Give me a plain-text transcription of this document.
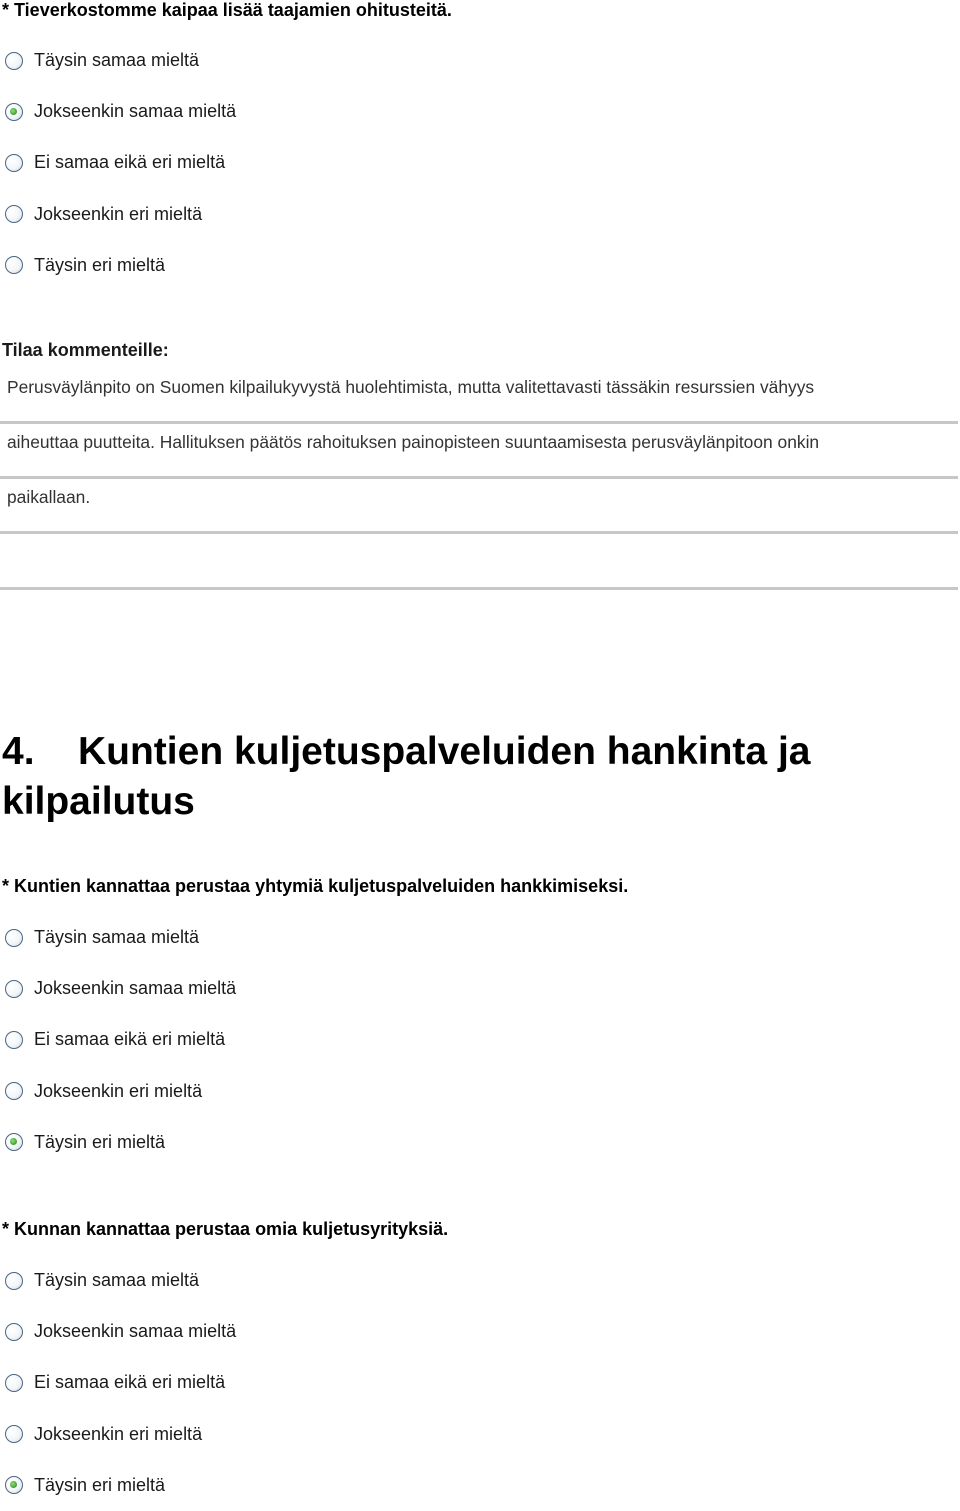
* Tieverkostomme kaipaa lisää taajamien ohitusteitä.

Täysin samaa mieltä
Jokseenkin samaa mieltä
Ei samaa eikä eri mieltä
Jokseenkin eri mieltä
Täysin eri mieltä

Tilaa kommenteille:

Perusväylänpito on Suomen kilpailukyvystä huolehtimista, mutta valitettavasti tässäkin resurssien vähyys
aiheuttaa puutteita. Hallituksen päätös rahoituksen painopisteen suuntaamisesta perusväylänpitoon onkin
paikallaan.
4. Kuntien kuljetuspalveluiden hankinta ja kilpailutus

* Kuntien kannattaa perustaa yhtymiä kuljetuspalveluiden hankkimiseksi.

Täysin samaa mieltä
Jokseenkin samaa mieltä
Ei samaa eikä eri mieltä
Jokseenkin eri mieltä
Täysin eri mieltä

* Kunnan kannattaa perustaa omia kuljetusyrityksiä.

Täysin samaa mieltä
Jokseenkin samaa mieltä
Ei samaa eikä eri mieltä
Jokseenkin eri mieltä
Täysin eri mieltä
